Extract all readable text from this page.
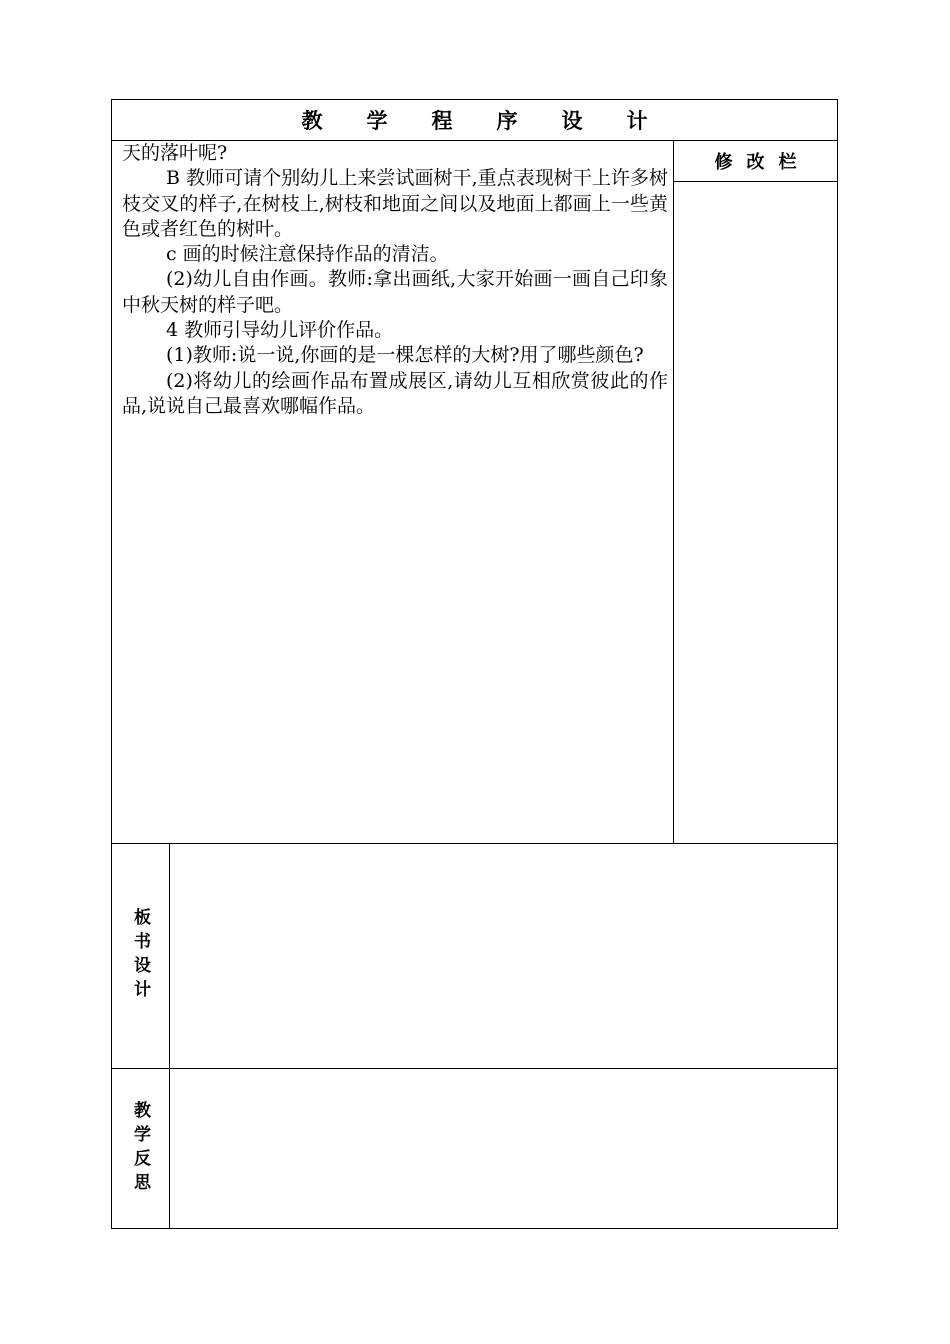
教学程序设计

天的落叶呢?

B 教师可请个别幼儿上来尝试画树干,重点表现树干上许多树枝交叉的样子,在树枝上,树枝和地面之间以及地面上都画上一些黄色或者红色的树叶。

c 画的时候注意保持作品的清洁。

(2)幼儿自由作画。教师:拿出画纸,大家开始画一画自己印象中秋天树的样子吧。

4 教师引导幼儿评价作品。

(1)教师:说一说,你画的是一棵怎样的大树?用了哪些颜色?

(2)将幼儿的绘画作品布置成展区,请幼儿互相欣赏彼此的作品,说说自己最喜欢哪幅作品。

修改栏
板书设计
教学反思
